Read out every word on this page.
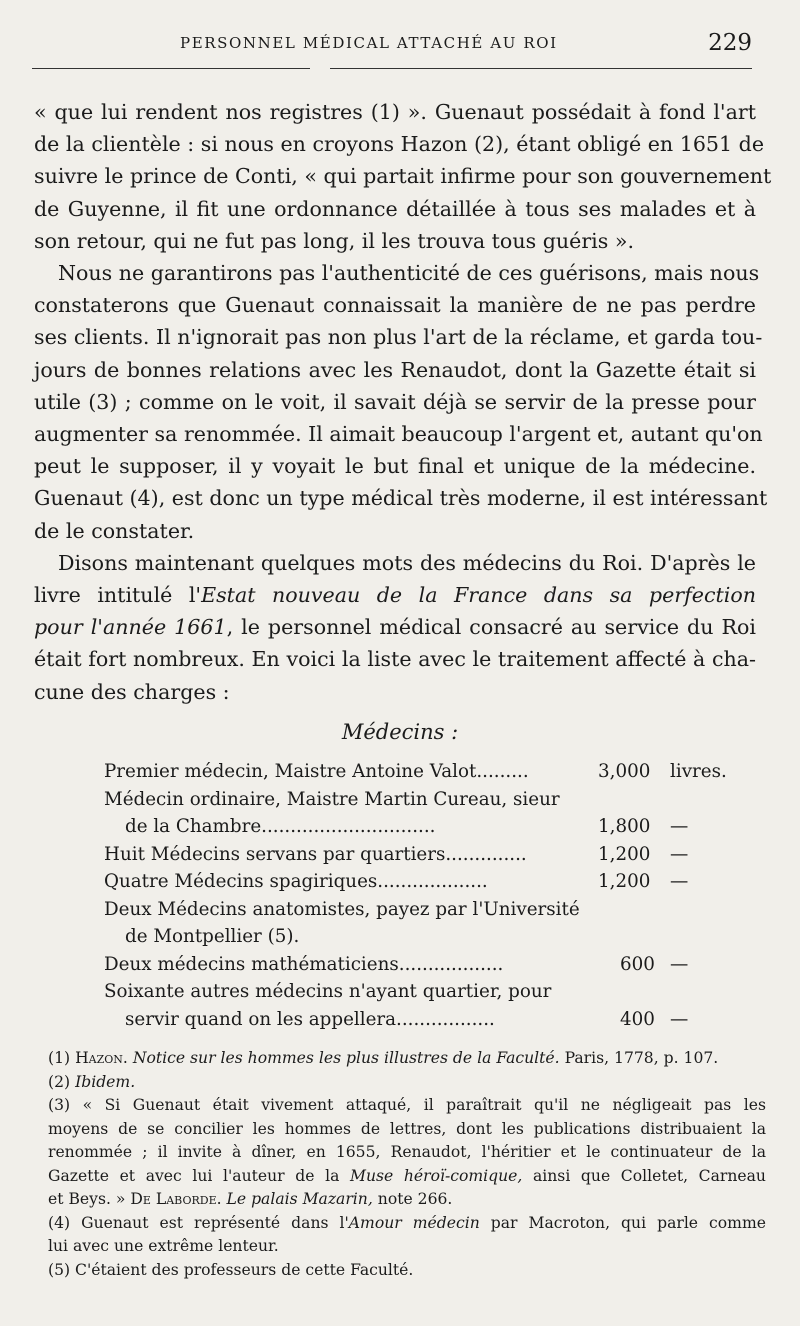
PERSONNEL MÉDICAL ATTACHÉ AU ROI	229

« que lui rendent nos registres (1) ». Guenaut possédait à fond l'art
de la clientèle : si nous en croyons Hazon (2), étant obligé en 1651 de
suivre le prince de Conti, « qui partait infirme pour son gouvernement
de Guyenne, il fit une ordonnance détaillée à tous ses malades et à
son retour, qui ne fut pas long, il les trouva tous guéris ».

Nous ne garantirons pas l'authenticité de ces guérisons, mais nous
constaterons que Guenaut connaissait la manière de ne pas perdre
ses clients. Il n'ignorait pas non plus l'art de la réclame, et garda tou-
jours de bonnes relations avec les Renaudot, dont la Gazette était si
utile (3) ; comme on le voit, il savait déjà se servir de la presse pour
augmenter sa renommée. Il aimait beaucoup l'argent et, autant qu'on
peut le supposer, il y voyait le but final et unique de la médecine.
Guenaut (4), est donc un type médical très moderne, il est intéressant
de le constater.

Disons maintenant quelques mots des médecins du Roi. D'après le
livre intitulé l'Estat nouveau de la France dans sa perfection
pour l'année 1661, le personnel médical consacré au service du Roi
était fort nombreux. En voici la liste avec le traitement affecté à cha-
cune des charges :

Médecins :
Premier médecin, Maistre Antoine Valot.........	3,000 livres.
Médecin ordinaire, Maistre Martin Cureau, sieur
de la Chambre..............................	1,800 —
Huit Médecins servans par quartiers..............	1,200 —
Quatre Médecins spagiriques...................	1,200 —
Deux Médecins anatomistes, payez par l'Université
de Montpellier (5).
Deux médecins mathématiciens..................	600 —
Soixante autres médecins n'ayant quartier, pour
servir quand on les appellera.................	400 —
(1) Hazon. Notice sur les hommes les plus illustres de la Faculté. Paris, 1778, p. 107.
(2) Ibidem.
(3) « Si Guenaut était vivement attaqué, il paraîtrait qu'il ne négligeait pas les
moyens de se concilier les hommes de lettres, dont les publications distribuaient la
renommée ; il invite à dîner, en 1655, Renaudot, l'héritier et le continuateur de la
Gazette et avec lui l'auteur de la Muse héroï-comique, ainsi que Colletet, Carneau
et Beys. » De Laborde. Le palais Mazarin, note 266.
(4) Guenaut est représenté dans l'Amour médecin par Macroton, qui parle comme
lui avec une extrême lenteur.
(5) C'étaient des professeurs de cette Faculté.
